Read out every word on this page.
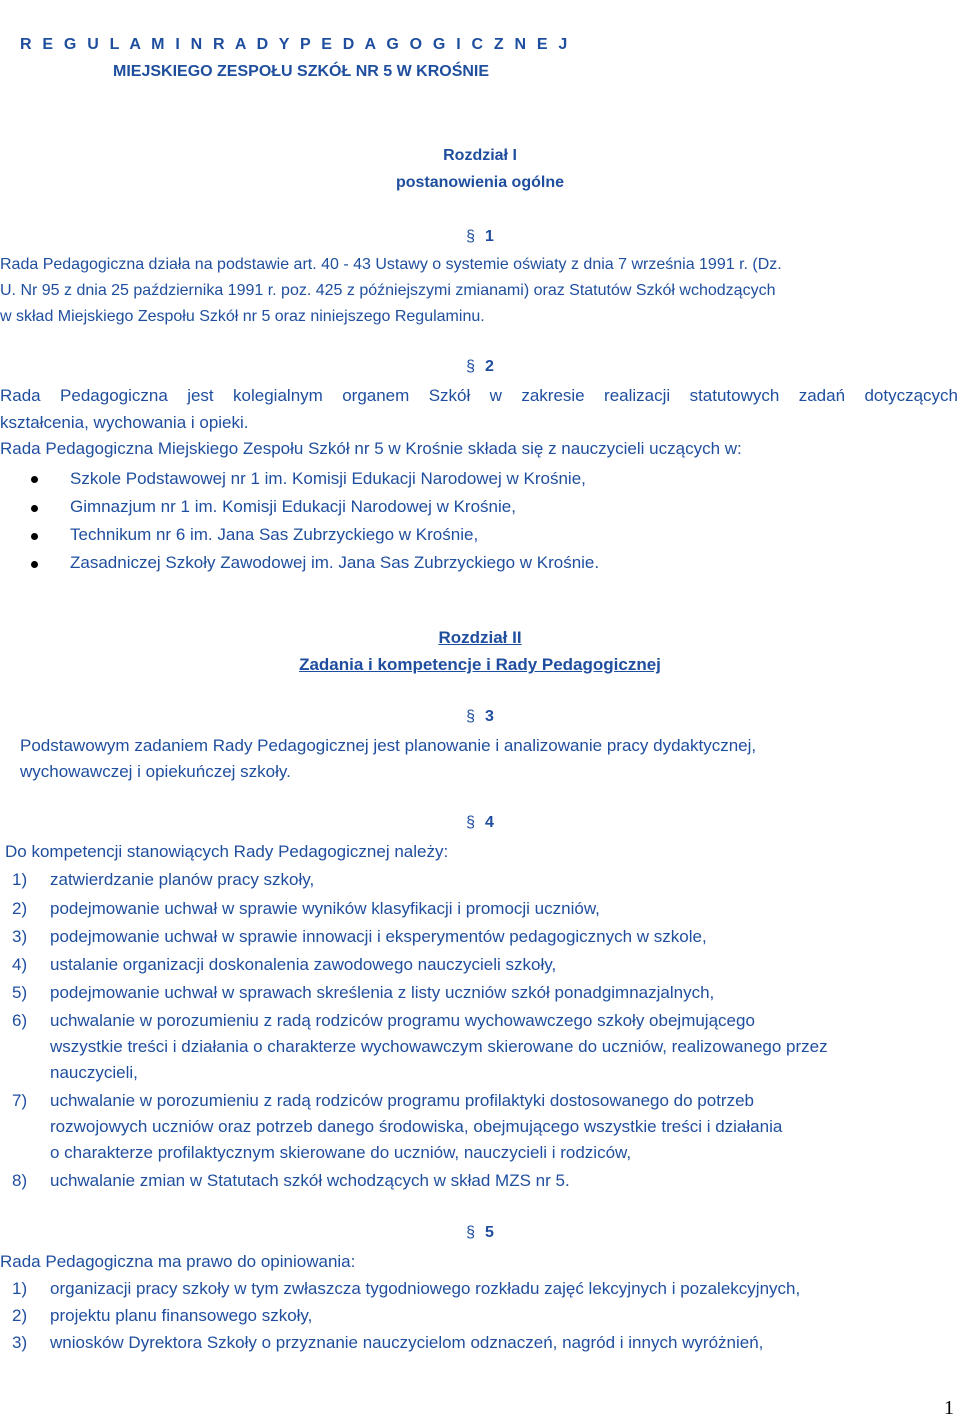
R E G U L A M I N R A D Y P E D A G O G I C Z N E J
MIEJSKIEGO ZESPOŁU SZKÓŁ NR 5 W KROŚNIE
Rozdział I
postanowienia ogólne
§ 1
Rada Pedagogiczna działa na podstawie art. 40 - 43 Ustawy o systemie oświaty z dnia 7 września 1991 r. (Dz.
U. Nr 95 z dnia 25 października 1991 r. poz. 425 z późniejszymi zmianami) oraz Statutów Szkół wchodzących
w skład Miejskiego Zespołu Szkół nr 5 oraz niniejszego Regulaminu.
§ 2
Rada Pedagogiczna jest kolegialnym organem Szkół w zakresie realizacji statutowych zadań dotyczących
kształcenia, wychowania i opieki.
Rada Pedagogiczna Miejskiego Zespołu Szkół nr 5 w Krośnie składa się z nauczycieli uczących w:
Szkole Podstawowej nr 1 im. Komisji Edukacji Narodowej w Krośnie,
Gimnazjum nr 1 im. Komisji Edukacji Narodowej w Krośnie,
Technikum nr 6 im. Jana Sas Zubrzyckiego w Krośnie,
Zasadniczej Szkoły Zawodowej im. Jana Sas Zubrzyckiego w Krośnie.
Rozdział II
Zadania i kompetencje i Rady Pedagogicznej
§ 3
Podstawowym zadaniem Rady Pedagogicznej jest planowanie i analizowanie pracy dydaktycznej,
wychowawczej i opiekuńczej szkoły.
§ 4
Do kompetencji stanowiących Rady Pedagogicznej należy:
1) zatwierdzanie planów pracy szkoły,
2) podejmowanie uchwał w sprawie wyników klasyfikacji i promocji uczniów,
3) podejmowanie uchwał w sprawie innowacji i eksperymentów pedagogicznych w szkole,
4) ustalanie organizacji doskonalenia zawodowego nauczycieli szkoły,
5) podejmowanie uchwał w sprawach skreślenia z listy uczniów szkół ponadgimnazjalnych,
6) uchwalanie w porozumieniu z radą rodziców programu wychowawczego szkoły obejmującego
wszystkie treści i działania o charakterze wychowawczym skierowane do uczniów, realizowanego przez
nauczycieli,
7) uchwalanie w porozumieniu z radą rodziców programu profilaktyki dostosowanego do potrzeb
rozwojowych uczniów oraz potrzeb danego środowiska, obejmującego wszystkie treści i działania
o charakterze profilaktycznym skierowane do uczniów, nauczycieli i rodziców,
8) uchwalanie zmian w Statutach szkół wchodzących w skład MZS nr 5.
§ 5
Rada Pedagogiczna ma prawo do opiniowania:
1) organizacji pracy szkoły w tym zwłaszcza tygodniowego rozkładu zajęć lekcyjnych i pozalekcyjnych,
2) projektu planu finansowego szkoły,
3) wniosków Dyrektora Szkoły o przyznanie nauczycielom odznaczeń, nagród i innych wyróżnień,
1
